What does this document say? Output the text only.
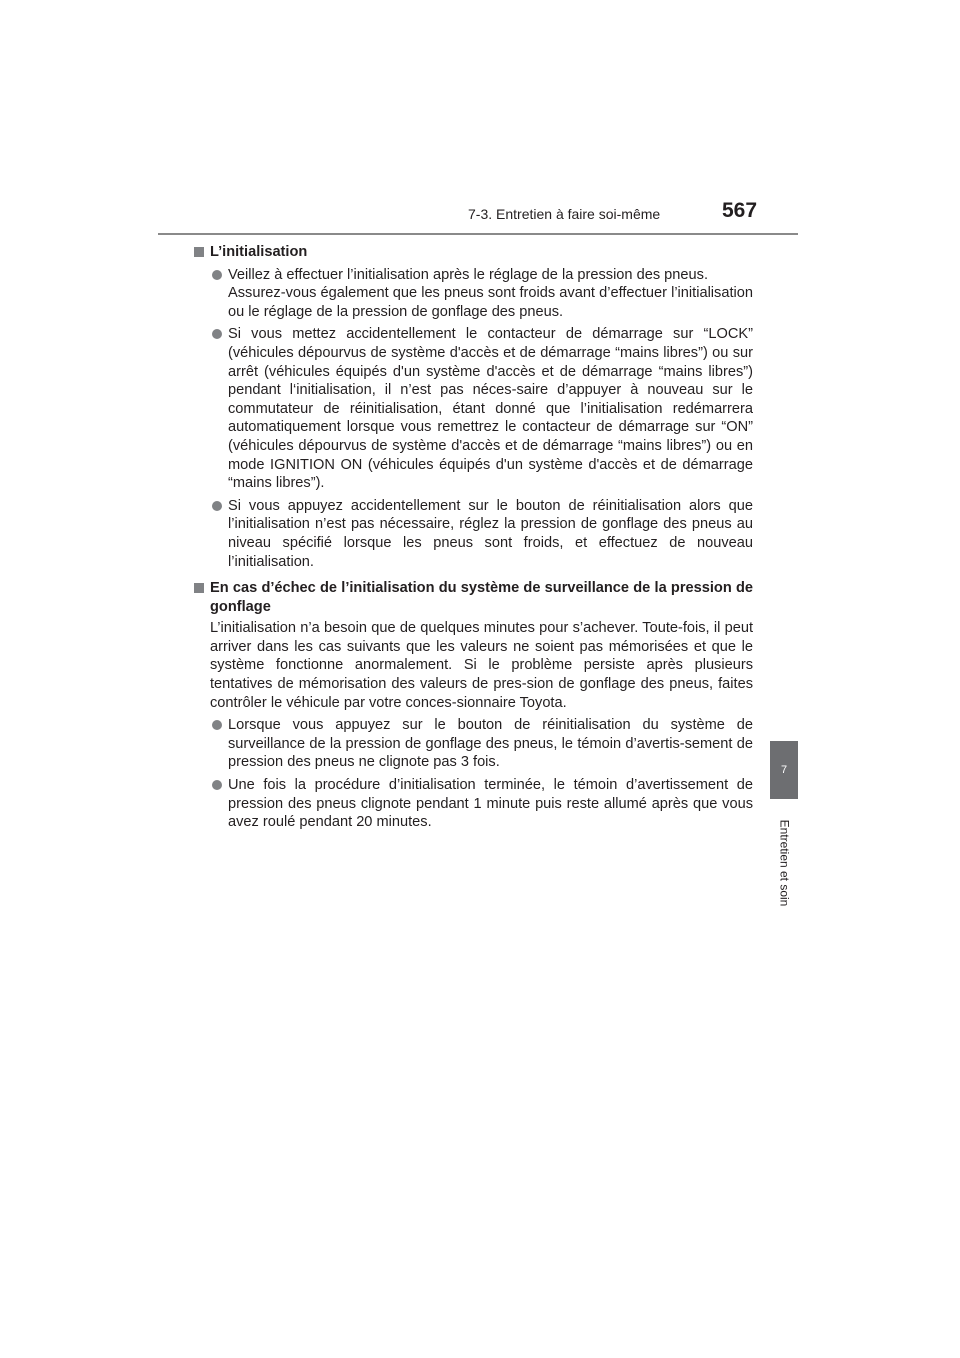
7-3. Entretien à faire soi-même	567
7
Entretien et soin
L’initialisation
Veillez à effectuer l’initialisation après le réglage de la pression des pneus.
Assurez-vous également que les pneus sont froids avant d’effectuer l’initialisation ou le réglage de la pression de gonflage des pneus.
Si vous mettez accidentellement le contacteur de démarrage sur “LOCK” (véhicules dépourvus de système d'accès et de démarrage “mains libres”) ou sur arrêt (véhicules équipés d'un système d'accès et de démarrage “mains libres”) pendant l‘initialisation, il n’est pas néces-saire d’appuyer à nouveau sur le commutateur de réinitialisation, étant donné que l’initialisation redémarrera automatiquement lorsque vous remettrez le contacteur de démarrage sur “ON” (véhicules dépourvus de système d'accès et de démarrage “mains libres”) ou en mode IGNITION ON (véhicules équipés d'un système d'accès et de démarrage “mains libres”).
Si vous appuyez accidentellement sur le bouton de réinitialisation alors que l’initialisation n’est pas nécessaire, réglez la pression de gonflage des pneus au niveau spécifié lorsque les pneus sont froids, et effectuez de nouveau l’initialisation.
En cas d’échec de l’initialisation du système de surveillance de la pression de gonflage
L’initialisation n’a besoin que de quelques minutes pour s’achever. Toute-fois, il peut arriver dans les cas suivants que les valeurs ne soient pas mémorisées et que le système fonctionne anormalement. Si le problème persiste après plusieurs tentatives de mémorisation des valeurs de pres-sion de gonflage des pneus, faites contrôler le véhicule par votre conces-sionnaire Toyota.
Lorsque vous appuyez sur le bouton de réinitialisation du système de surveillance de la pression de gonflage des pneus, le témoin d’avertis-sement de pression des pneus ne clignote pas 3 fois.
Une fois la procédure d’initialisation terminée, le témoin d’avertissement de pression des pneus clignote pendant 1 minute puis reste allumé après que vous avez roulé pendant 20 minutes.
